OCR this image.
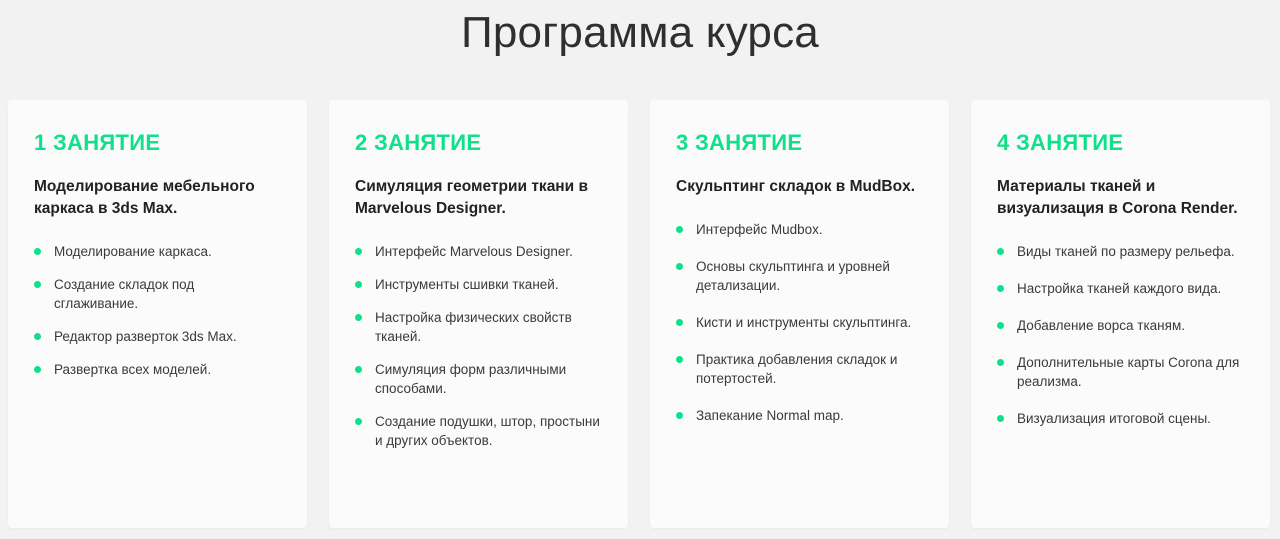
Программа курса
1 ЗАНЯТИЕ
Моделирование мебельного каркаса в 3ds Max.
Моделирование каркаса.
Создание складок под сглаживание.
Редактор разверток 3ds Max.
Развертка всех моделей.
2 ЗАНЯТИЕ
Симуляция геометрии ткани в Marvelous Designer.
Интерфейс Marvelous Designer.
Инструменты сшивки тканей.
Настройка физических свойств тканей.
Симуляция форм различными способами.
Создание подушки, штор, простыни и других объектов.
3 ЗАНЯТИЕ
Скульптинг складок в MudBox.
Интерфейс Mudbox.
Основы скульптинга и уровней детализации.
Кисти и инструменты скульптинга.
Практика добавления складок и потертостей.
Запекание Normal map.
4 ЗАНЯТИЕ
Материалы тканей и визуализация в Corona Render.
Виды тканей по размеру рельефа.
Настройка тканей каждого вида.
Добавление ворса тканям.
Дополнительные карты Corona для реализма.
Визуализация итоговой сцены.
